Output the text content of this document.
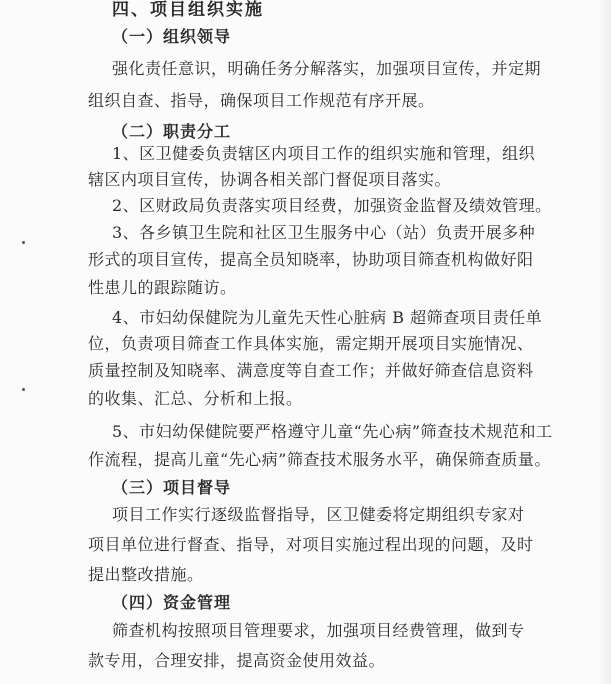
四、项目组织实施
（一）组织领导
强化责任意识，明确任务分解落实，加强项目宣传，并定期
组织自查、指导，确保项目工作规范有序开展。
（二）职责分工
1、区卫健委负责辖区内项目工作的组织实施和管理，组织
辖区内项目宣传，协调各相关部门督促项目落实。
2、区财政局负责落实项目经费，加强资金监督及绩效管理。
3、各乡镇卫生院和社区卫生服务中心（站）负责开展多种
形式的项目宣传，提高全员知晓率，协助项目筛查机构做好阳
性患儿的跟踪随访。
4、市妇幼保健院为儿童先天性心脏病 B 超筛查项目责任单
位，负责项目筛查工作具体实施，需定期开展项目实施情况、
质量控制及知晓率、满意度等自查工作；并做好筛查信息资料
的收集、汇总、分析和上报。
5、市妇幼保健院要严格遵守儿童“先心病”筛查技术规范和工
作流程，提高儿童“先心病”筛查技术服务水平，确保筛查质量。
（三）项目督导
项目工作实行逐级监督指导，区卫健委将定期组织专家对
项目单位进行督查、指导，对项目实施过程出现的问题，及时
提出整改措施。
（四）资金管理
筛查机构按照项目管理要求，加强项目经费管理，做到专
款专用，合理安排，提高资金使用效益。
